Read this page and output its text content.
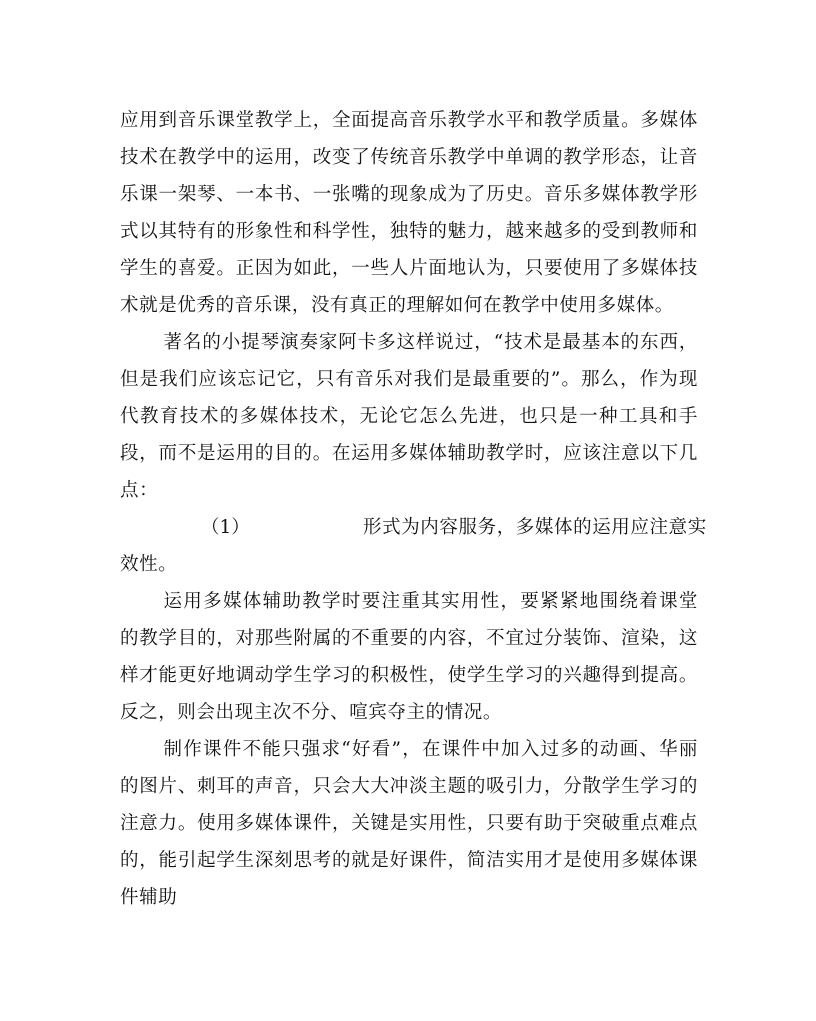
应用到音乐课堂教学上，全面提高音乐教学水平和教学质量。多媒体技术在教学中的运用，改变了传统音乐教学中单调的教学形态，让音乐课一架琴、一本书、一张嘴的现象成为了历史。音乐多媒体教学形式以其特有的形象性和科学性，独特的魅力，越来越多的受到教师和学生的喜爱。正因为如此，一些人片面地认为，只要使用了多媒体技术就是优秀的音乐课，没有真正的理解如何在教学中使用多媒体。

著名的小提琴演奏家阿卡多这样说过，“技术是最基本的东西，但是我们应该忘记它，只有音乐对我们是最重要的”。那么，作为现代教育技术的多媒体技术，无论它怎么先进，也只是一种工具和手段，而不是运用的目的。在运用多媒体辅助教学时，应该注意以下几点：

（1）	形式为内容服务，多媒体的运用应注意实
效性。

运用多媒体辅助教学时要注重其实用性，要紧紧地围绕着课堂的教学目的，对那些附属的不重要的内容，不宜过分装饰、渲染，这样才能更好地调动学生学习的积极性，使学生学习的兴趣得到提高。反之，则会出现主次不分、喧宾夺主的情况。

制作课件不能只强求“好看”，在课件中加入过多的动画、华丽的图片、刺耳的声音，只会大大冲淡主题的吸引力，分散学生学习的注意力。使用多媒体课件，关键是实用性，只要有助于突破重点难点的，能引起学生深刻思考的就是好课件，简洁实用才是使用多媒体课件辅助
